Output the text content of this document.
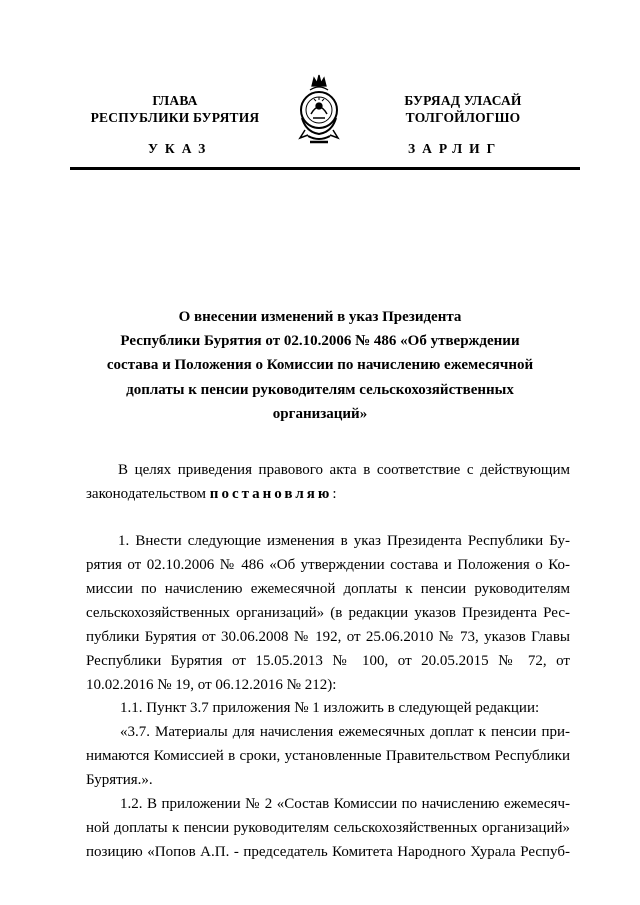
ГЛАВА
РЕСПУБЛИКИ БУРЯТИЯ
УКАЗ
БУРЯАД УЛАСАЙ
ТОЛГОЙЛОГШО
ЗАРЛИГ
О внесении изменений в указ Президента
Республики Бурятия от 02.10.2006 № 486 «Об утверждении
состава и Положения о Комиссии по начислению ежемесячной
доплаты к пенсии руководителям сельскохозяйственных
организаций»
В целях приведения правового акта в соответствие с действующим
законодательством постановляю:
1. Внести следующие изменения в указ Президента Республики Бу-
рятия от 02.10.2006 № 486 «Об утверждении состава и Положения о Ко-
миссии по начислению ежемесячной доплаты к пенсии руководителям
сельскохозяйственных организаций» (в редакции указов Президента Рес-
публики Бурятия от 30.06.2008 № 192, от 25.06.2010 № 73, указов Главы
Республики Бурятия от 15.05.2013 № 100, от 20.05.2015 № 72, от
10.02.2016 № 19, от 06.12.2016 № 212):
1.1. Пункт 3.7 приложения № 1 изложить в следующей редакции:
«3.7. Материалы для начисления ежемесячных доплат к пенсии при-
нимаются Комиссией в сроки, установленные Правительством Республики
Бурятия.».
1.2. В приложении № 2 «Состав Комиссии по начислению ежемесяч-
ной доплаты к пенсии руководителям сельскохозяйственных организаций»
позицию «Попов А.П. - председатель Комитета Народного Хурала Респуб-
